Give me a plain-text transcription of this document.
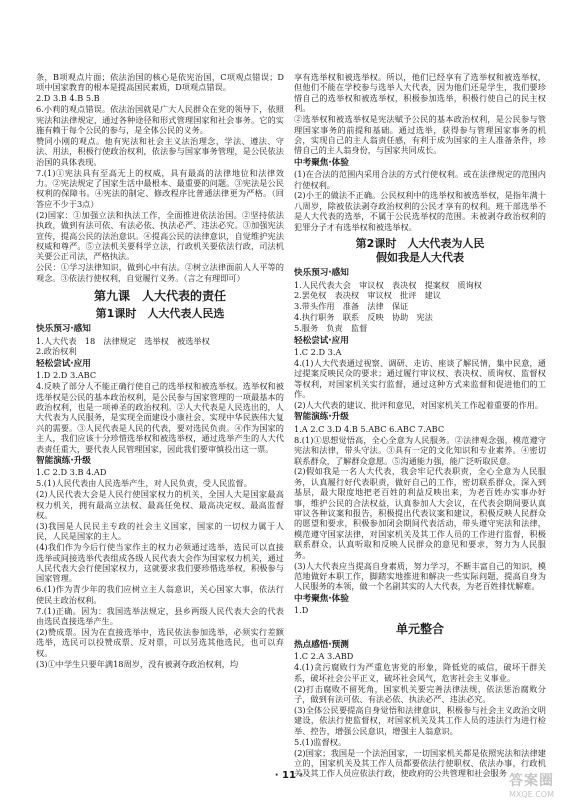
条，B项观点片面；依法治国的核心是依宪治国，C项观点错误；D项中国家教育的根本是提高国民素质，D项观点错误。

2.D 3.B 4.B 5.B

6.小莉的观点错误。依法治国就是广大人民群众在党的领导下，依照宪法和法律规定，通过各种途径和形式管理国家和社会事务。它的实施有赖于每个公民的参与，是全体公民的义务。

赞同小刚的观点。他有宪法和社会主义法治理念，学法、遵法、守法、用法，积极行使政治权利，依法参与国家事务管理，是公民依法治国的具体表现。

7.(1)①宪法具有至高无上的权威，具有最高的法律地位和法律效力。②宪法规定了国家生活中最根本、最重要的问题。③宪法是公民权利的保障书。④宪法的制定、修改程序比普通法律更为严格。（回答应不少于3点）

(2)国家：①加强立法和执法工作，全面推进依法治国。②坚持依法执政，做到有法可依、有法必依、执法必严、违法必究。③加强宪法宣传，提高公民的法治意识。④提高公民的法律意识，自觉维护宪法权威和尊严。⑤立法机关要科学立法，行政机关要依法行政，司法机关要公正司法，严格执法。

公民：①学习法律知识，做到心中有法。②树立法律面前人人平等的观念。③依法行使权利，自觉履行义务。（言之有理即可）

第九课　人大代表的责任
第1课时　人大代表人民选
快乐预习·感知

1.人大代表　18　法律规定　选举权　被选举权

2.政治权利

轻松尝试·应用

1.D 2.D 3.ABC

4.反映了部分人不能正确行使自己的选举权和被选举权。选举权和被选举权是公民的基本政治权利，是公民参与国家管理的一项最基本的政治权利，也是一项神圣的政治权利。②人大代表是人民选出的，人大代表为人民服务，是实现全面建设小康社会、实现中华民族伟大复兴的需要。③人民代表是人民的代表，要对选民负责。④作为国家的主人，我们应该十分珍惜选举权和被选举权，通过选举产生的人大代表责任重大，要代表人民管理国家，因此我们要审慎投出这一票。

智能演练·升级

1.C 2.D 3.B 4.AD

5.(1)人民代表由人民选举产生，对人民负责，受人民监督。

(2)人民代表大会是人民行使国家权力的机关，全国人大是国家最高权力机关，拥有最高立法权、最高任免权、最高决定权、最高监督权。

(3)我国是人民民主专政的社会主义国家，国家的一切权力属于人民，人民是国家的主人。

(4)我们作为今后行使当家作主的权力必须通过选举，选民可以直接选举或间接选举代表组成各级人民代表大会作为国家权力机关，通过人民代表大会行使国家权力，这就要求我们要珍惜选举权，积极参与国家管理。

6.(1)作为青少年的我们应树立主人翁意识，关心国家大事，依法行使民主政治权利。

7.(1)正确。因为：我国选举法规定，县乡两级人民代表大会的代表由选民直接选举产生。

(2)赞成票。因为在直接选举中，选民依法参加选举，必须实行差额选举，选民可以投赞成票、反对票，可以另选其他选民，也可以弃权。

(3)①中学生只要年满18周岁，没有被剥夺政治权利，均

享有选举权和被选举权。所以，他们已经享有了选举权和被选举权，但他们不能在学校参与选举人大代表，因为他们还是学生，我们要珍惜自己的选举权和被选举权，积极参加选举，积极行使自己的民主权利。

②选举权和被选举权是宪法赋予公民的基本政治权利，是公民参与管理国家事务的前提和基础。通过选举，获得参与管理国家事务的机会，实现自己的主人翁责任感，有利于成为国家的主人准备条件，珍惜自己的主人翁身份，与国家共同成长。

中考聚焦·体验

(1)在合法的范围内采用合法的方式行使权利。或在法律规定的范围内行使权利。

(2)小王的做法不正确。公民权利中的选举权和被选举权，是指年满十八周岁，除被依法剥夺政治权利的公民才享有的权利。班干部选举不是人大代表的选举，不属于公民选举权的范围。未被剥夺政治权利的犯罪分子才有选举权和被选举权。

第2课时　人大代表为人民
假如我是人大代表
快乐预习·感知

1.人民代表大会　审议权　表决权　提案权　质询权

2.罢免权　表决权　审议权　批评　建议

3.带头作用　准备　法律　保证

4.执行职务　联系　反映　协助　宪法

5.服务　负责　监督

轻松尝试·应用

1.C 2.D 3.A

4.(1)人大代表通过视察、调研、走访、座谈了解民情，集中民意，通过提案反映民众的要求；通过履行审议权、表决权、质询权、监督权等权利，对国家机关实行监督，通过这种方式来监督和促进他们的工作。

(2)人大代表的建议、批评和意见，对国家机关工作起着重要的作用。

智能演练·升级

1.A 2.C 3.D 4.B 5.ABC 6.ABC 7.ABC

8.(1)①思想觉悟高，全心全意为人民服务。②法律观念强，模范遵守宪法和法律，带头守法。③具有一定的文化知识和专业素养。④密切联系群众，了解群众意愿。⑤沟通能力强，能广泛听取民意。

(2)假如我是一名人大代表，我会牢记代表职责，全心全意为人民服务，认真履行好代表职责，做好自己的工作，密切联系群众，深入到基层，最大限度地把老百姓的利益反映出来，为老百姓办实事办好事，维护公民的合法权益，认真参加人大会议，在代表会期间要认真审议各种议案和报告，积极提出代表议案和建议，积极反映人民群众的愿望和要求，积极参加闭会期间代表活动，带头遵守宪法和法律，模范遵守国家法律，对国家机关及其工作人员的工作进行监督，积极联系群众，认真听取和反映人民群众的意见和要求，努力为人民服务。

(3)人大代表应当提高自身素质，努力学习，不断丰富自己的知识，模范地做好本职工作，脚踏实地推进和解决一些实际问题，提高自身为人民服务的本领，做一个名副其实的人大代表，为老百姓排忧解难。

中考聚焦·体验

1.D

单元整合
热点感悟·预测

1.C 2.A 3.ABD

4.(1)贪污腐败行为严重危害党的形象，降低党的威信，破坏干群关系，破坏社会公平正义，破坏社会风气，危害社会主义事业。

(2)打击腐败不留死角，国家机关要完善法律法规，依法惩治腐败分子，做到有法可依、有法必依、执法必严、违法必究。

(3)全体公民要提高自身觉悟和法律意识，积极参与社会主义政治文明建设，依法行使监督权，对国家机关及其工作人员的违法行为进行检举、控告，增强公民意识，增强主人翁意识。

5.(1)监督权。

(2)国家；我国是一个法治国家，一切国家机关都是依照宪法和法律建立的，国家机关及其工作人员都要依法行使职权、依法办事，行政机关及其工作人员应依法行政，使政府的公共管理和社会服务

· 11 ·	答案圈
MXQE.COM
